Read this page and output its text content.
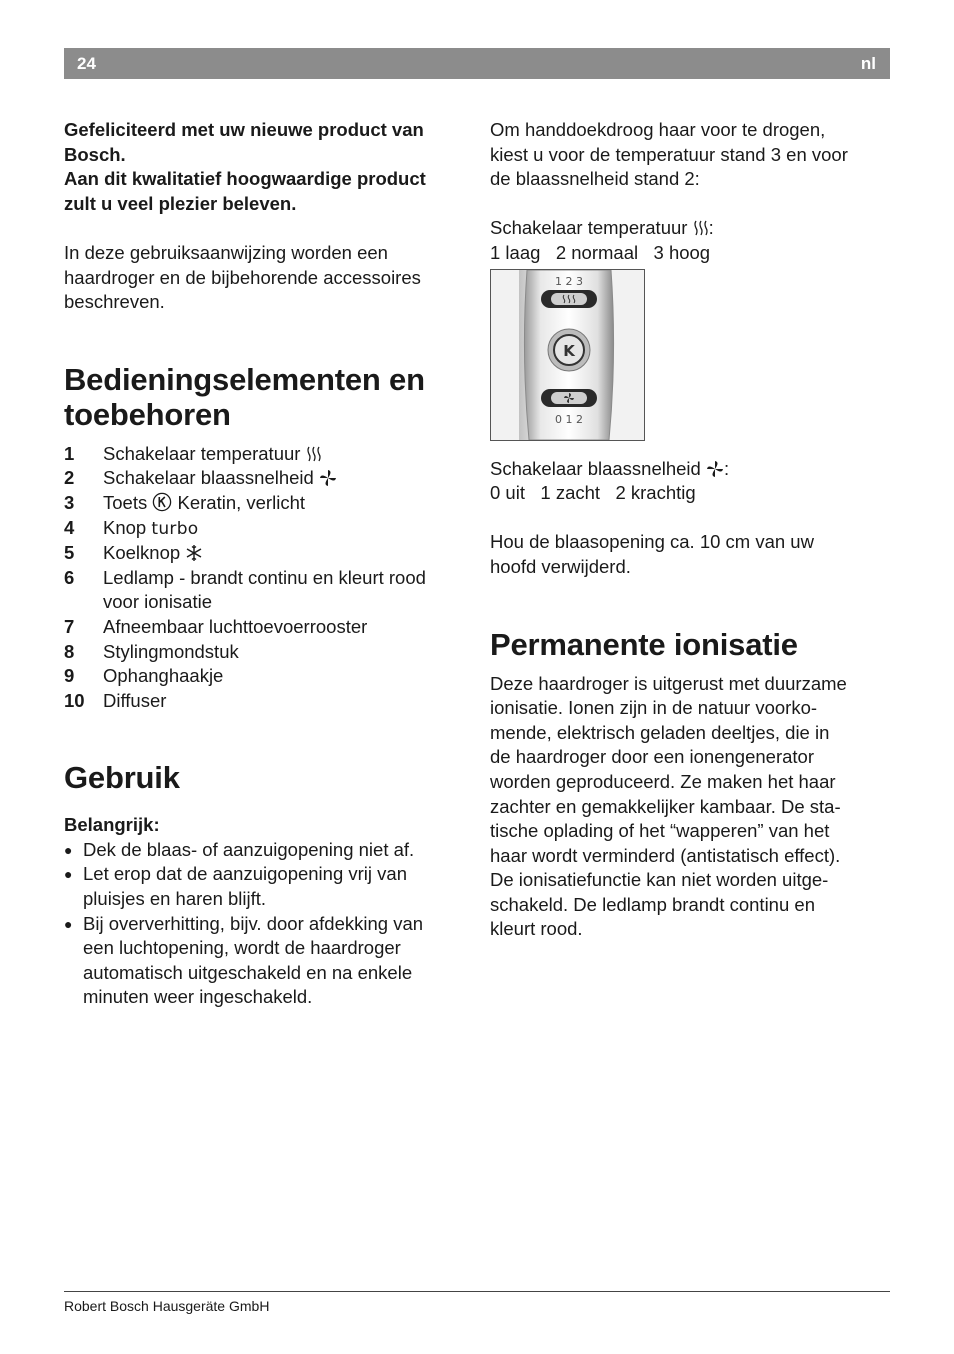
24	nl

Gefeliciteerd met uw nieuwe product van

Bosch.

Aan dit kwalitatief hoogwaardige product

zult u veel plezier beleven.

In deze gebruiksaanwijzing worden een

haardroger en de bijbehorende accessoires

beschreven.

Bedieningselementen en
toebehoren
1	Schakelaar temperatuur
2	Schakelaar blaassnelheid
3	Toets Keratin, verlicht
4	Knop turbo
5	Koelknop
6	Ledlamp - brandt continu en kleurt rood
voor ionisatie
7	Afneembaar luchttoevoerrooster
8	Stylingmondstuk
9	Ophanghaakje
10 Diffuser
Gebruik

Belangrijk:

● Dek de blaas- of aanzuigopening niet af.
● Let erop dat de aanzuigopening vrij van
pluisjes en haren blijft.
● Bij oververhitting, bijv. door afdekking van
een luchtopening, wordt de haardroger
automatisch uitgeschakeld en na enkele
minuten weer ingeschakeld.

Om handdoekdroog haar voor te drogen,

kiest u voor de temperatuur stand 3 en voor

de blaassnelheid stand 2:

Schakelaar temperatuur :

1 laag 2 normaal 3 hoog

1 2 3
K
0 1 2

Schakelaar blaassnelheid :

0 uit 1 zacht 2 krachtig

Hou de blaasopening ca. 10 cm van uw

hoofd verwijderd.

Permanente ionisatie

Deze haardroger is uitgerust met duurzame

ionisatie. Ionen zijn in de natuur voorko-

mende, elektrisch geladen deeltjes, die in

de haardroger door een ionengenerator

worden geproduceerd. Ze maken het haar

zachter en gemakkelijker kambaar. De sta-

tische oplading of het “wapperen” van het

haar wordt verminderd (antistatisch effect).

De ionisatiefunctie kan niet worden uitge-

schakeld. De ledlamp brandt continu en

kleurt rood.

Robert Bosch Hausgeräte GmbH
